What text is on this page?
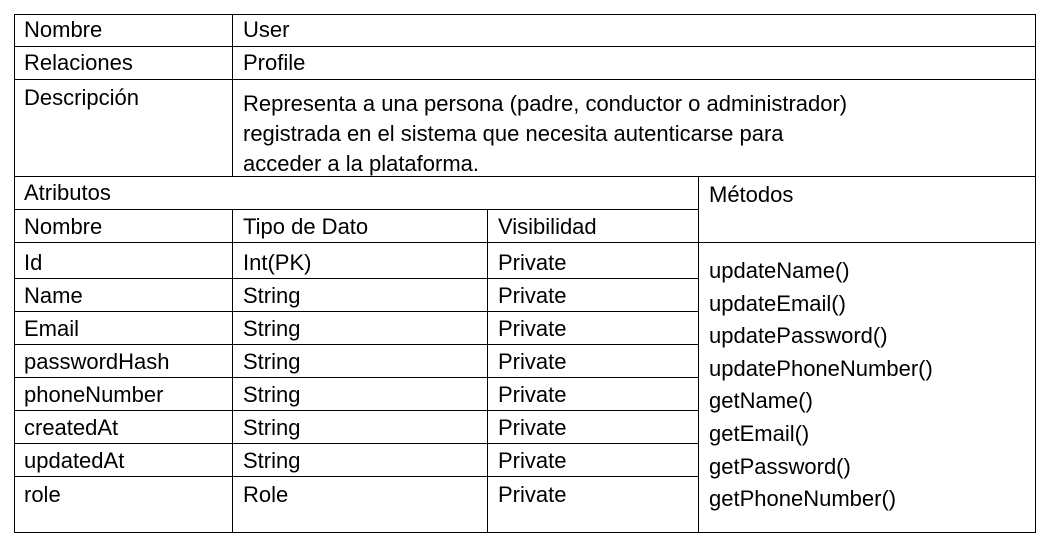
Nombre	User
Relaciones	Profile
Descripción	Representa a una persona (padre, conductor o administrador)
registrada en el sistema que necesita autenticarse para
acceder a la plataforma.
Atributos	Métodos
Nombre	Tipo de Dato	Visibilidad
Id	Int(PK)	Private
Name	String	Private
Email	String	Private
passwordHash	String	Private
phoneNumber	String	Private
createdAt	String	Private
updatedAt	String	Private
role	Role	Private
updateName()
updateEmail()
updatePassword()
updatePhoneNumber()
getName()
getEmail()
getPassword()
getPhoneNumber()
